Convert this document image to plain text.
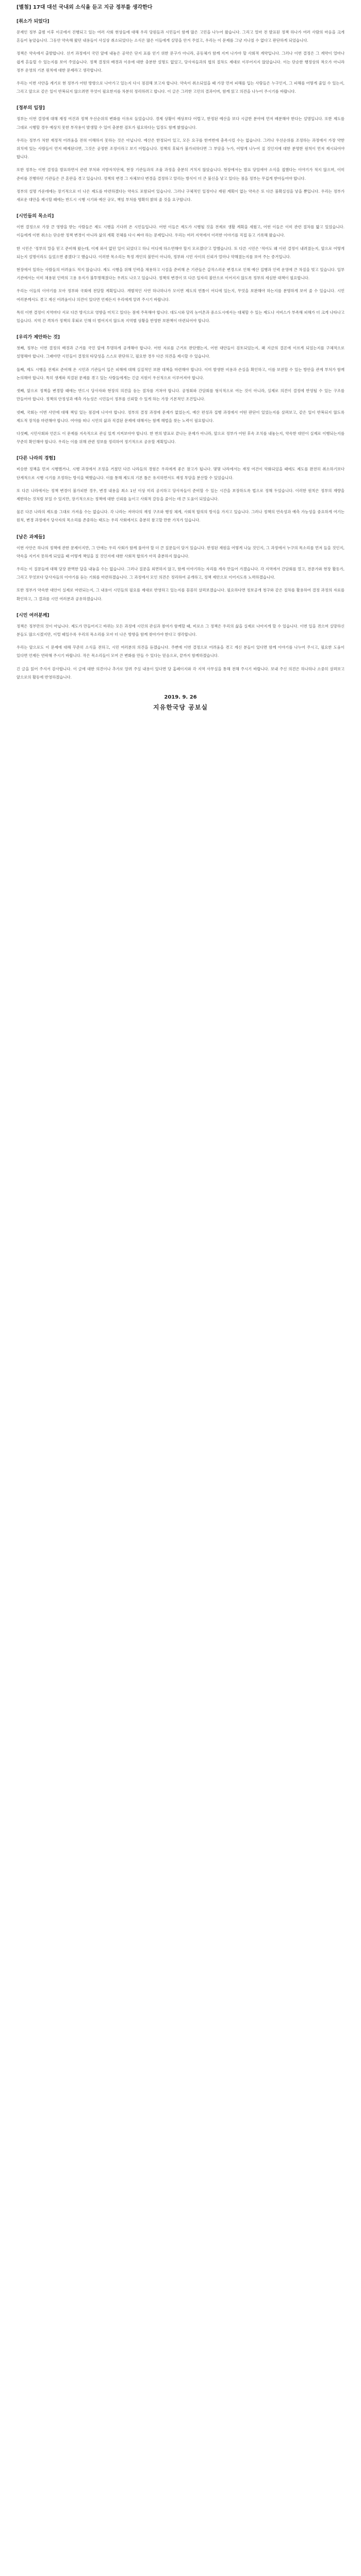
[별첨] 17대 대선 국내외 소식을 듣고 지금 정부를 생각한다
[취소가 되었다]

문재인 정부 출범 이후 이곳에서 진행되고 있는 여러 사회 현상들에 대해 우리 당원들과 시민들이 함께 많은 고민을 나누어 왔습니다. 그리고 얼마 전 발표된 정책 하나가 여러 사람의 마음을 크게 흔들어 놓았습니다. 그동안 약속해 왔던 내용들이 사실상 취소되었다는 소식은 많은 이들에게 실망을 안겨 주었고, 우리는 이 문제를 그냥 지나칠 수 없다고 판단하게 되었습니다.

정책은 약속에서 출발합니다. 선거 과정에서 국민 앞에 내놓은 공약은 단지 표를 얻기 위한 문구가 아니라, 공동체가 함께 지켜 나가야 할 사회적 계약입니다. 그러나 이번 결정은 그 계약이 얼마나 쉽게 흔들릴 수 있는지를 보여 주었습니다. 정책 결정의 배경과 이유에 대한 충분한 설명도 없었고, 당사자들과의 협의 절차도 제대로 이루어지지 않았습니다. 이는 단순한 행정상의 착오가 아니라 정부 운영의 기본 원칙에 대한 문제라고 생각합니다.

우리는 이번 사안을 계기로 현 정부가 어떤 방향으로 나아가고 있는지 다시 점검해 보고자 합니다. 약속이 취소되었을 때 가장 먼저 피해를 입는 사람들은 누구인지, 그 피해를 어떻게 줄일 수 있는지, 그리고 앞으로 같은 일이 반복되지 않으려면 무엇이 필요한지를 차분히 정리하려고 합니다. 이 글은 그러한 고민의 결과이며, 함께 읽고 의견을 나누어 주시기를 바랍니다.

[정부의 입장]

정부는 이번 결정에 대해 재정 여건과 정책 우선순위의 변화를 이유로 들었습니다. 경제 상황이 예상보다 어렵고, 한정된 예산을 보다 시급한 분야에 먼저 배분해야 한다는 설명입니다. 또한 제도를 그대로 시행할 경우 예상치 못한 부작용이 발생할 수 있어 충분한 검토가 필요하다는 입장도 함께 밝혔습니다.

우리는 정부가 처한 재정적 어려움을 전혀 이해하지 못하는 것은 아닙니다. 예산은 한정되어 있고, 모든 요구를 한꺼번에 충족시킬 수는 없습니다. 그러나 우선순위를 조정하는 과정에서 가장 약한 위치에 있는 사람들이 먼저 배제된다면, 그것은 공정한 조정이라고 보기 어렵습니다. 정책의 후퇴가 불가피하다면 그 부담을 누가, 어떻게 나누어 질 것인지에 대한 분명한 원칙이 먼저 제시되어야 합니다.

또한 정부는 이번 결정을 발표하면서 관련 부처와 지방자치단체, 현장 기관들과의 조율 과정을 충분히 거치지 않았습니다. 현장에서는 발표 당일에야 소식을 접했다는 이야기가 적지 않으며, 이미 준비를 진행하던 기관들은 큰 혼란을 겪고 있습니다. 정책의 변경 그 자체보다 변경을 결정하고 알리는 방식이 더 큰 불신을 낳고 있다는 점을 정부는 무겁게 받아들여야 합니다.

정부의 설명 가운데에는 장기적으로 더 나은 제도를 마련하겠다는 약속도 포함되어 있습니다. 그러나 구체적인 일정이나 재원 계획이 없는 약속은 또 다른 불확실성을 낳을 뿐입니다. 우리는 정부가 새로운 대안을 제시할 때에는 반드시 시행 시기와 예산 규모, 책임 부처를 명확히 밝혀 줄 것을 요구합니다.

[시민들의 목소리]

이번 결정으로 가장 큰 영향을 받는 사람들은 제도 시행을 기다려 온 시민들입니다. 어떤 이들은 제도가 시행될 것을 전제로 생활 계획을 세웠고, 어떤 이들은 이미 관련 절차를 밟고 있었습니다. 이들에게 이번 취소는 단순한 정책 변경이 아니라 삶의 계획 전체를 다시 짜야 하는 문제입니다. 우리는 여러 지역에서 이러한 이야기를 직접 듣고 기록해 왔습니다.

한 시민은 '정부의 말을 믿고 준비해 왔는데, 이제 와서 없던 일이 되었다고 하니 어디에 하소연해야 할지 모르겠다'고 말했습니다. 또 다른 시민은 '적어도 왜 이런 결정이 내려졌는지, 앞으로 어떻게 되는지 설명이라도 들었으면 좋겠다'고 했습니다. 이러한 목소리는 특정 개인의 불만이 아니라, 정부와 시민 사이의 신뢰가 얼마나 약해졌는지를 보여 주는 증거입니다.

현장에서 일하는 사람들의 어려움도 적지 않습니다. 제도 시행을 위해 인력을 채용하고 시설을 준비해 온 기관들은 갑작스러운 변경으로 인해 예산 집행과 인력 운영에 큰 차질을 빚고 있습니다. 일부 기관에서는 이미 채용된 인력의 고용 유지가 불투명해졌다는 우려도 나오고 있습니다. 정책의 변경이 또 다른 일자리 불안으로 이어지지 않도록 정부의 세심한 대책이 필요합니다.

우리는 이들의 이야기를 모아 정부와 국회에 전달할 계획입니다. 개별적인 사연 하나하나가 모이면 제도의 빈틈이 어디에 있는지, 무엇을 보완해야 하는지를 분명하게 보여 줄 수 있습니다. 시민 여러분께서도 겪고 계신 어려움이나 의견이 있다면 언제든지 우리에게 알려 주시기 바랍니다.

특히 이번 결정이 지역마다 서로 다른 방식으로 영향을 미치고 있다는 점에 주목해야 합니다. 대도시와 달리 농어촌과 중소도시에서는 대체할 수 있는 제도나 서비스가 부족해 피해가 더 크게 나타나고 있습니다. 지역 간 격차가 정책의 후퇴로 인해 더 벌어지지 않도록 지역별 상황을 반영한 보완책이 마련되어야 합니다.

[우리가 제안하는 것]

첫째, 정부는 이번 결정의 배경과 근거를 국민 앞에 투명하게 공개해야 합니다. 어떤 자료를 근거로 판단했는지, 어떤 대안들이 검토되었는지, 왜 지금의 결론에 이르게 되었는지를 구체적으로 설명해야 합니다. 그래야만 시민들이 결정의 타당성을 스스로 판단하고, 필요한 경우 다른 의견을 제시할 수 있습니다.

둘째, 제도 시행을 전제로 준비해 온 시민과 기관들이 입은 피해에 대해 실질적인 보완 대책을 마련해야 합니다. 이미 발생한 비용과 손실을 확인하고, 이를 보전할 수 있는 방안을 관계 부처가 함께 논의해야 합니다. 특히 생계와 직결된 문제를 겪고 있는 사람들에게는 긴급 지원이 우선적으로 이루어져야 합니다.

셋째, 앞으로 정책을 변경할 때에는 반드시 당사자와 현장의 의견을 듣는 절차를 거쳐야 합니다. 공청회와 간담회를 형식적으로 여는 것이 아니라, 실제로 의견이 결정에 반영될 수 있는 구조를 만들어야 합니다. 정책의 안정성과 예측 가능성은 시민들이 정부를 신뢰할 수 있게 하는 가장 기본적인 조건입니다.

넷째, 국회는 이번 사안에 대해 책임 있는 점검에 나서야 합니다. 정부의 결정 과정에 문제가 없었는지, 예산 편성과 집행 과정에서 어떤 판단이 있었는지를 살펴보고, 같은 일이 반복되지 않도록 제도적 장치를 마련해야 합니다. 여야를 떠나 시민의 삶과 직결된 문제에 대해서는 함께 해법을 찾는 노력이 필요합니다.

다섯째, 시민사회와 언론도 이 문제를 지속적으로 관심 있게 지켜보아야 합니다. 한 번의 발표로 끝나는 문제가 아니라, 앞으로 정부가 어떤 후속 조치를 내놓는지, 약속한 대안이 실제로 이행되는지를 꾸준히 확인해야 합니다. 우리는 이를 위해 관련 정보를 정리하여 정기적으로 공유할 계획입니다.

[다른 나라의 경험]

비슷한 정책을 먼저 시행했거나, 시행 과정에서 조정을 거쳤던 다른 나라들의 경험은 우리에게 좋은 참고가 됩니다. 몇몇 나라에서는 재정 여건이 악화되었을 때에도 제도를 완전히 취소하기보다 단계적으로 시행 시기를 조정하는 방식을 택했습니다. 이를 통해 제도의 기본 틀은 유지하면서도 재정 부담을 분산할 수 있었습니다.

또 다른 나라에서는 정책 변경이 불가피한 경우, 변경 내용을 최소 1년 이상 미리 공지하고 당사자들이 준비할 수 있는 시간을 보장하도록 법으로 정해 두었습니다. 이러한 원칙은 정부의 재량을 제한하는 것처럼 보일 수 있지만, 장기적으로는 정책에 대한 신뢰를 높이고 사회적 갈등을 줄이는 데 큰 도움이 되었습니다.

물론 다른 나라의 제도를 그대로 가져올 수는 없습니다. 각 나라는 저마다의 재정 구조와 행정 체계, 사회적 합의의 방식을 가지고 있습니다. 그러나 정책의 연속성과 예측 가능성을 중요하게 여기는 원칙, 변경 과정에서 당사자의 목소리를 존중하는 태도는 우리 사회에서도 충분히 참고할 만한 가치가 있습니다.

[남은 과제들]

이번 사안은 하나의 정책에 관한 문제이지만, 그 안에는 우리 사회가 함께 풀어야 할 더 큰 질문들이 담겨 있습니다. 한정된 재원을 어떻게 나눌 것인지, 그 과정에서 누구의 목소리를 먼저 들을 것인지, 약속을 지키지 못하게 되었을 때 어떻게 책임을 질 것인지에 대한 사회적 합의가 아직 충분하지 않습니다.

우리는 이 질문들에 대해 당장 완벽한 답을 내놓을 수는 없습니다. 그러나 질문을 외면하지 않고, 함께 이야기하는 자리를 계속 만들어 가겠습니다. 각 지역에서 간담회를 열고, 전문가와 현장 활동가, 그리고 무엇보다 당사자들의 이야기를 듣는 기회를 마련하겠습니다. 그 과정에서 모인 의견은 정리하여 공개하고, 정책 제안으로 이어지도록 노력하겠습니다.

또한 정부가 약속한 대안이 실제로 마련되는지, 그 내용이 시민들의 필요를 제대로 반영하고 있는지를 꼼꼼히 살펴보겠습니다. 필요하다면 정보공개 청구와 같은 절차를 활용하여 결정 과정의 자료를 확인하고, 그 결과를 시민 여러분과 공유하겠습니다.

[시민 여러분께]

정책은 정부만의 것이 아닙니다. 제도가 만들어지고 바뀌는 모든 과정에 시민의 관심과 참여가 함께할 때, 비로소 그 정책은 우리의 삶을 실제로 나아지게 할 수 있습니다. 이번 일을 겪으며 실망하신 분들도 많으시겠지만, 이럴 때일수록 우리의 목소리를 모아 더 나은 방향을 함께 찾아가야 한다고 생각합니다.

우리는 앞으로도 이 문제에 대해 꾸준히 소식을 전하고, 시민 여러분의 의견을 듣겠습니다. 주변에 이번 결정으로 어려움을 겪고 계신 분들이 있다면 함께 이야기를 나누어 주시고, 필요한 도움이 있다면 언제든 연락해 주시기 바랍니다. 작은 목소리들이 모여 큰 변화를 만들 수 있다는 믿음으로, 끝까지 함께하겠습니다.

긴 글을 읽어 주셔서 감사합니다. 이 글에 대한 의견이나 추가로 알려 주실 내용이 있다면 당 홈페이지와 각 지역 사무실을 통해 전해 주시기 바랍니다. 보내 주신 의견은 하나하나 소중히 살펴보고 앞으로의 활동에 반영하겠습니다.

2019. 9. 26
지유한국당 공보실
